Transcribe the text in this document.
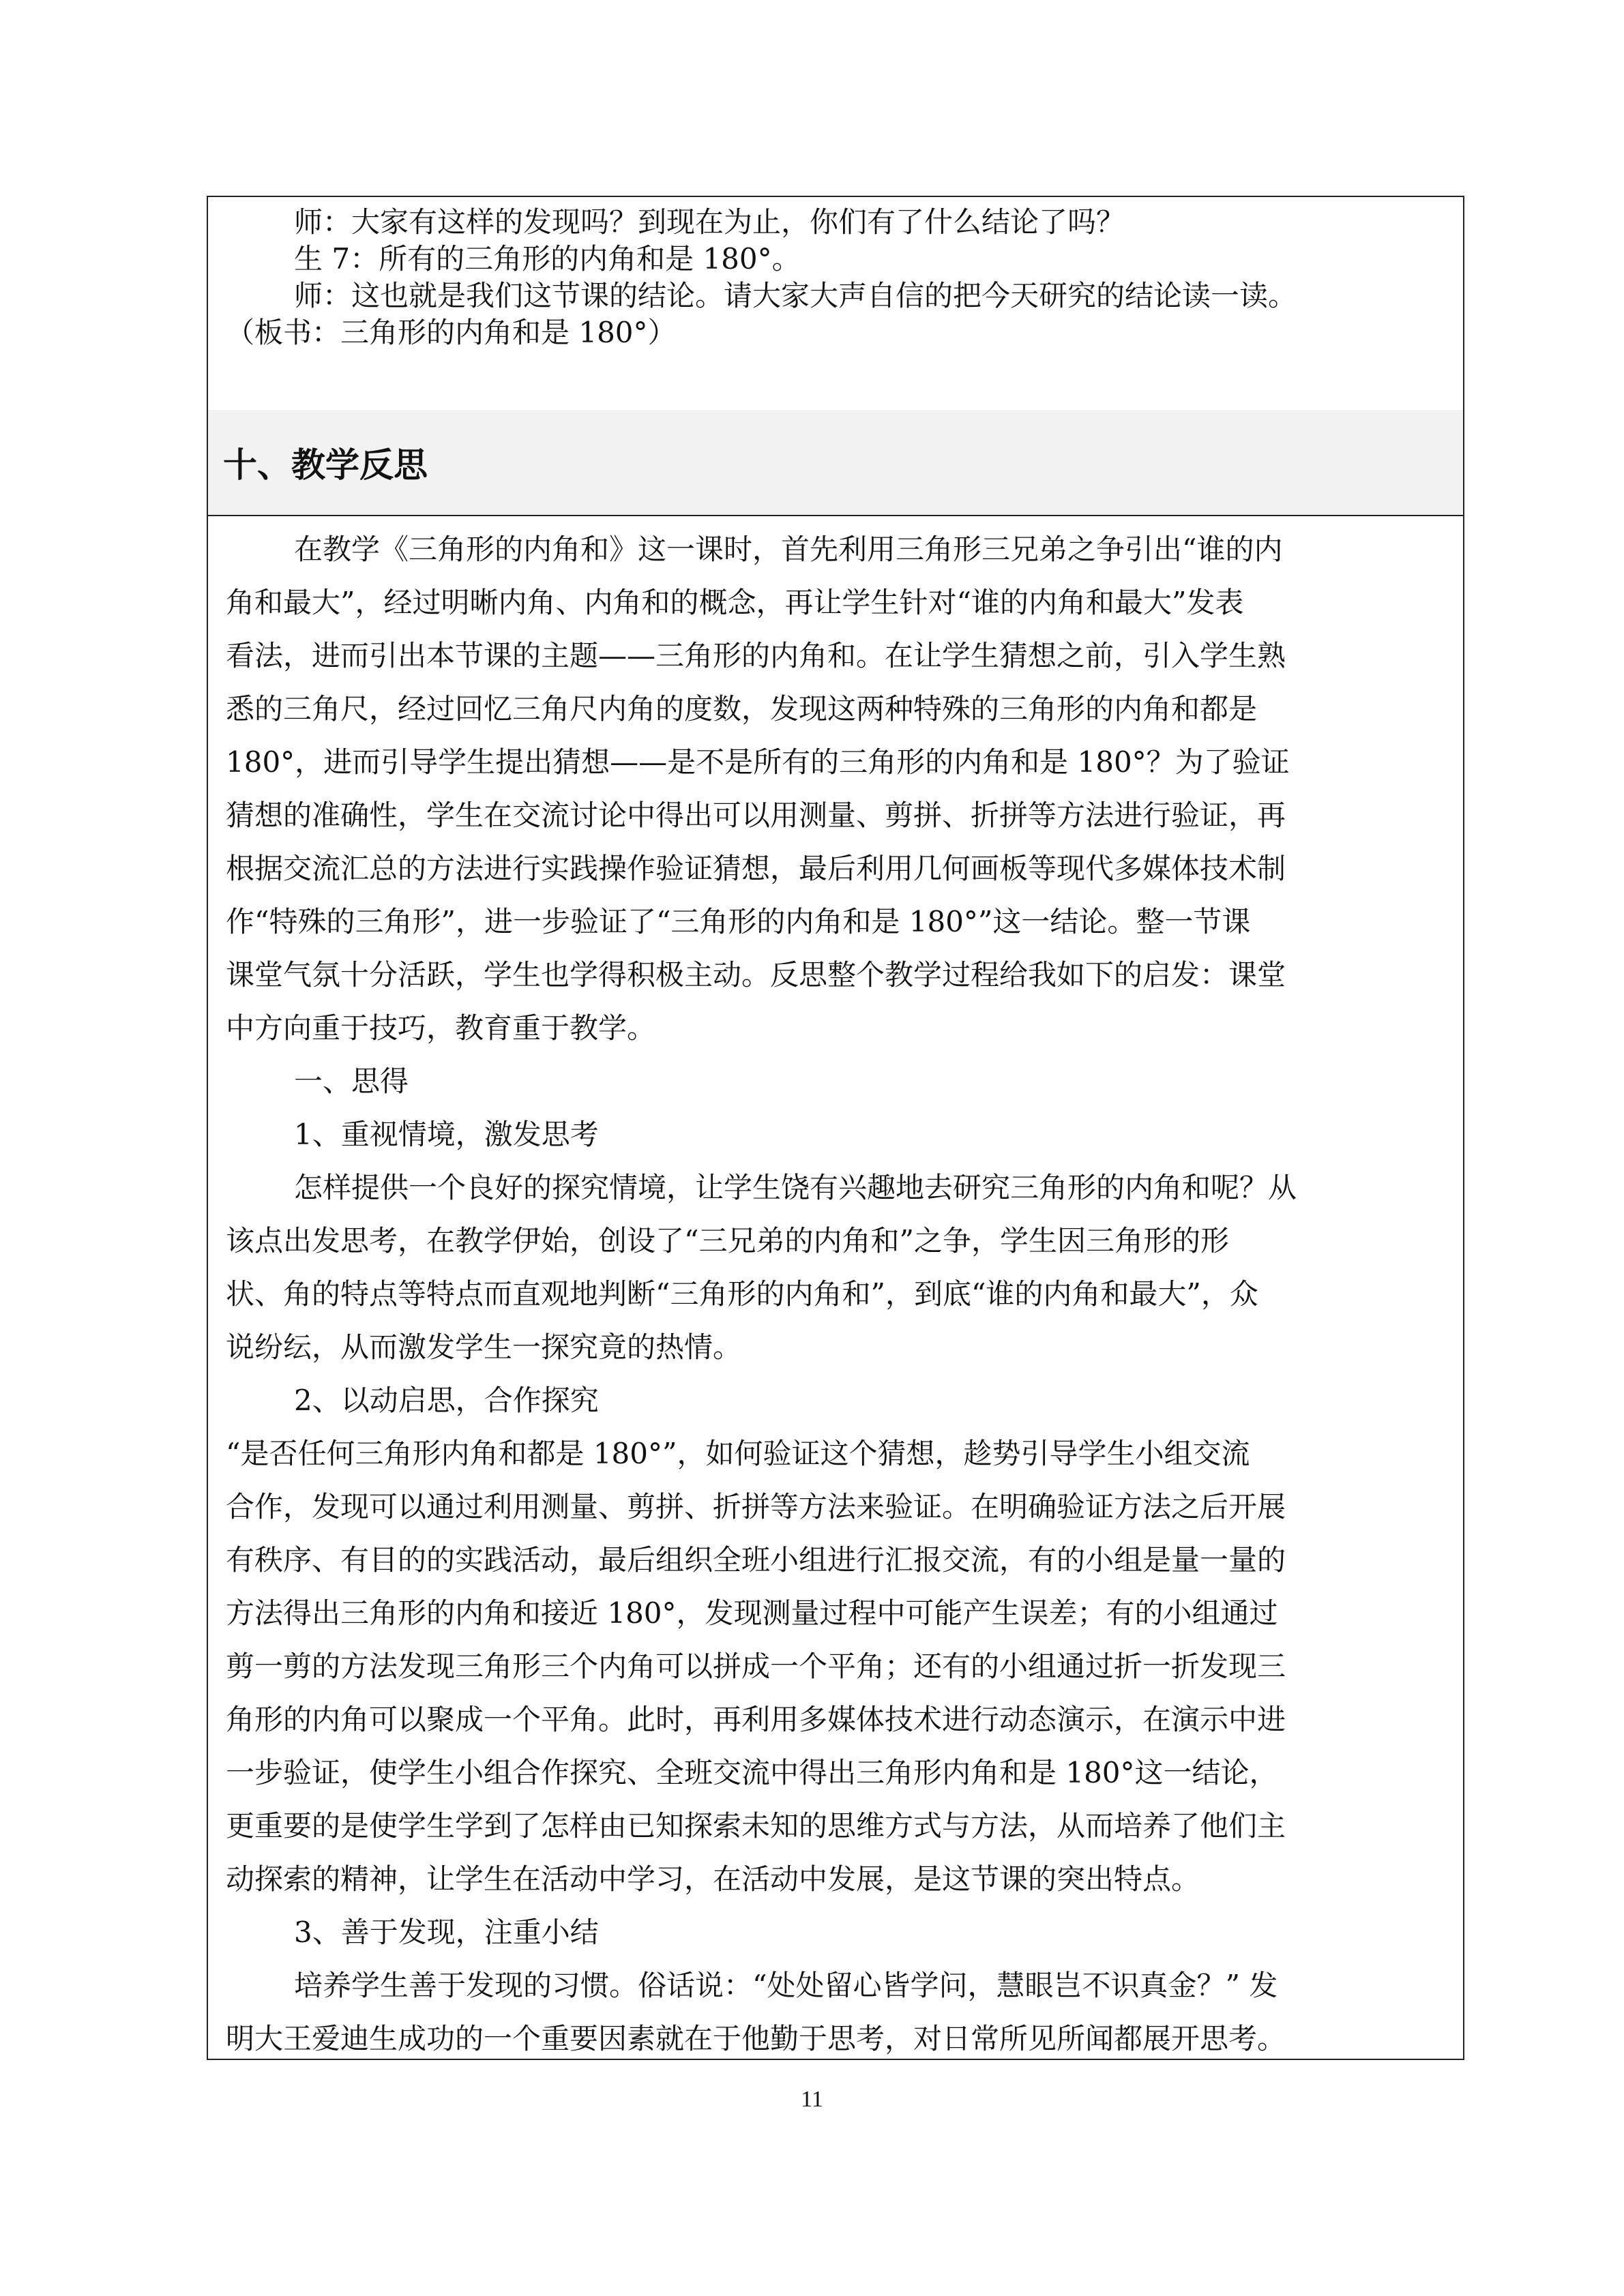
师：大家有这样的发现吗？到现在为止，你们有了什么结论了吗？
生 7：所有的三角形的内角和是 180°。
师：这也就是我们这节课的结论。请大家大声自信的把今天研究的结论读一读。
（板书：三角形的内角和是 180°）
十、教学反思
在教学《三角形的内角和》这一课时，首先利用三角形三兄弟之争引出“谁的内
角和最大”，经过明晰内角、内角和的概念，再让学生针对“谁的内角和最大”发表
看法，进而引出本节课的主题——三角形的内角和。在让学生猜想之前，引入学生熟
悉的三角尺，经过回忆三角尺内角的度数，发现这两种特殊的三角形的内角和都是
180°，进而引导学生提出猜想——是不是所有的三角形的内角和是 180°？为了验证
猜想的准确性，学生在交流讨论中得出可以用测量、剪拼、折拼等方法进行验证，再
根据交流汇总的方法进行实践操作验证猜想，最后利用几何画板等现代多媒体技术制
作“特殊的三角形”，进一步验证了“三角形的内角和是 180°”这一结论。整一节课
课堂气氛十分活跃，学生也学得积极主动。反思整个教学过程给我如下的启发：课堂
中方向重于技巧，教育重于教学。
一、思得
1、重视情境，激发思考
怎样提供一个良好的探究情境，让学生饶有兴趣地去研究三角形的内角和呢？从
该点出发思考，在教学伊始，创设了“三兄弟的内角和”之争，学生因三角形的形
状、角的特点等特点而直观地判断“三角形的内角和”，到底“谁的内角和最大”，众
说纷纭，从而激发学生一探究竟的热情。
2、以动启思，合作探究
“是否任何三角形内角和都是 180°”，如何验证这个猜想，趁势引导学生小组交流
合作，发现可以通过利用测量、剪拼、折拼等方法来验证。在明确验证方法之后开展
有秩序、有目的的实践活动，最后组织全班小组进行汇报交流，有的小组是量一量的
方法得出三角形的内角和接近 180°，发现测量过程中可能产生误差；有的小组通过
剪一剪的方法发现三角形三个内角可以拼成一个平角；还有的小组通过折一折发现三
角形的内角可以聚成一个平角。此时，再利用多媒体技术进行动态演示，在演示中进
一步验证，使学生小组合作探究、全班交流中得出三角形内角和是 180°这一结论，
更重要的是使学生学到了怎样由已知探索未知的思维方式与方法，从而培养了他们主
动探索的精神，让学生在活动中学习，在活动中发展，是这节课的突出特点。
3、善于发现，注重小结
培养学生善于发现的习惯。俗话说：“处处留心皆学问，慧眼岂不识真金？” 发
明大王爱迪生成功的一个重要因素就在于他勤于思考，对日常所见所闻都展开思考。
11
